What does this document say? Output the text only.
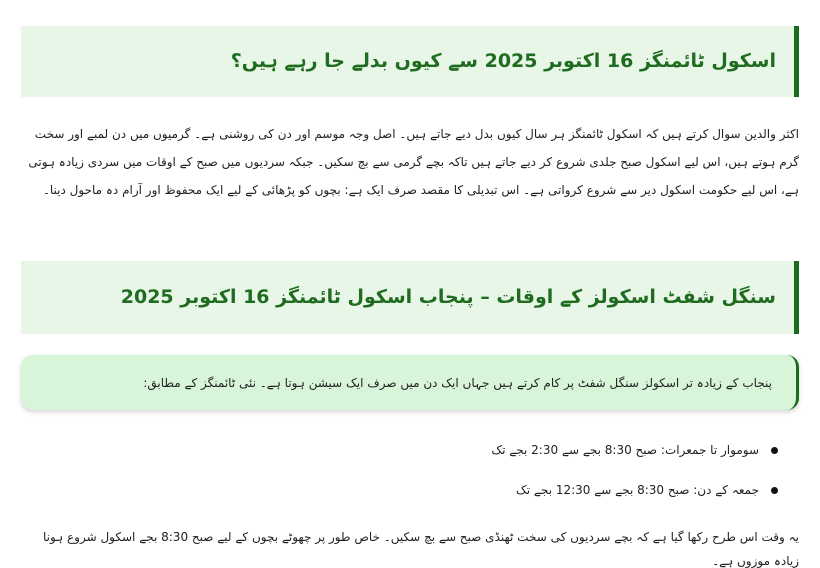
اسکول ٹائمنگز 16 اکتوبر 2025 سے کیوں بدلے جا رہے ہیں؟

اکثر والدین سوال کرتے ہیں کہ اسکول ٹائمنگز ہر سال کیوں بدل دیے جاتے ہیں۔ اصل وجہ موسم اور دن کی روشنی ہے۔ گرمیوں میں دن لمبے اور سخت گرم ہوتے ہیں، اس لیے اسکول صبح جلدی شروع کر دیے جاتے ہیں تاکہ بچے گرمی سے بچ سکیں۔ جبکہ سردیوں میں صبح کے اوقات میں سردی زیادہ ہوتی ہے، اس لیے حکومت اسکول دیر سے شروع کرواتی ہے۔ اس تبدیلی کا مقصد صرف ایک ہے: بچوں کو پڑھائی کے لیے ایک محفوظ اور آرام دہ ماحول دینا۔

سنگل شفٹ اسکولز کے اوقات – پنجاب اسکول ٹائمنگز 16 اکتوبر 2025
پنجاب کے زیادہ تر اسکولز سنگل شفٹ پر کام کرتے ہیں جہاں ایک دن میں صرف ایک سیشن ہوتا ہے۔ نئی ٹائمنگز کے مطابق:
سوموار تا جمعرات: صبح 8:30 بجے سے 2:30 بجے تک
جمعہ کے دن: صبح 8:30 بجے سے 12:30 بجے تک

یہ وقت اس طرح رکھا گیا ہے کہ بچے سردیوں کی سخت ٹھنڈی صبح سے بچ سکیں۔ خاص طور پر چھوٹے بچوں کے لیے صبح 8:30 بجے اسکول شروع ہونا زیادہ موزوں ہے۔
